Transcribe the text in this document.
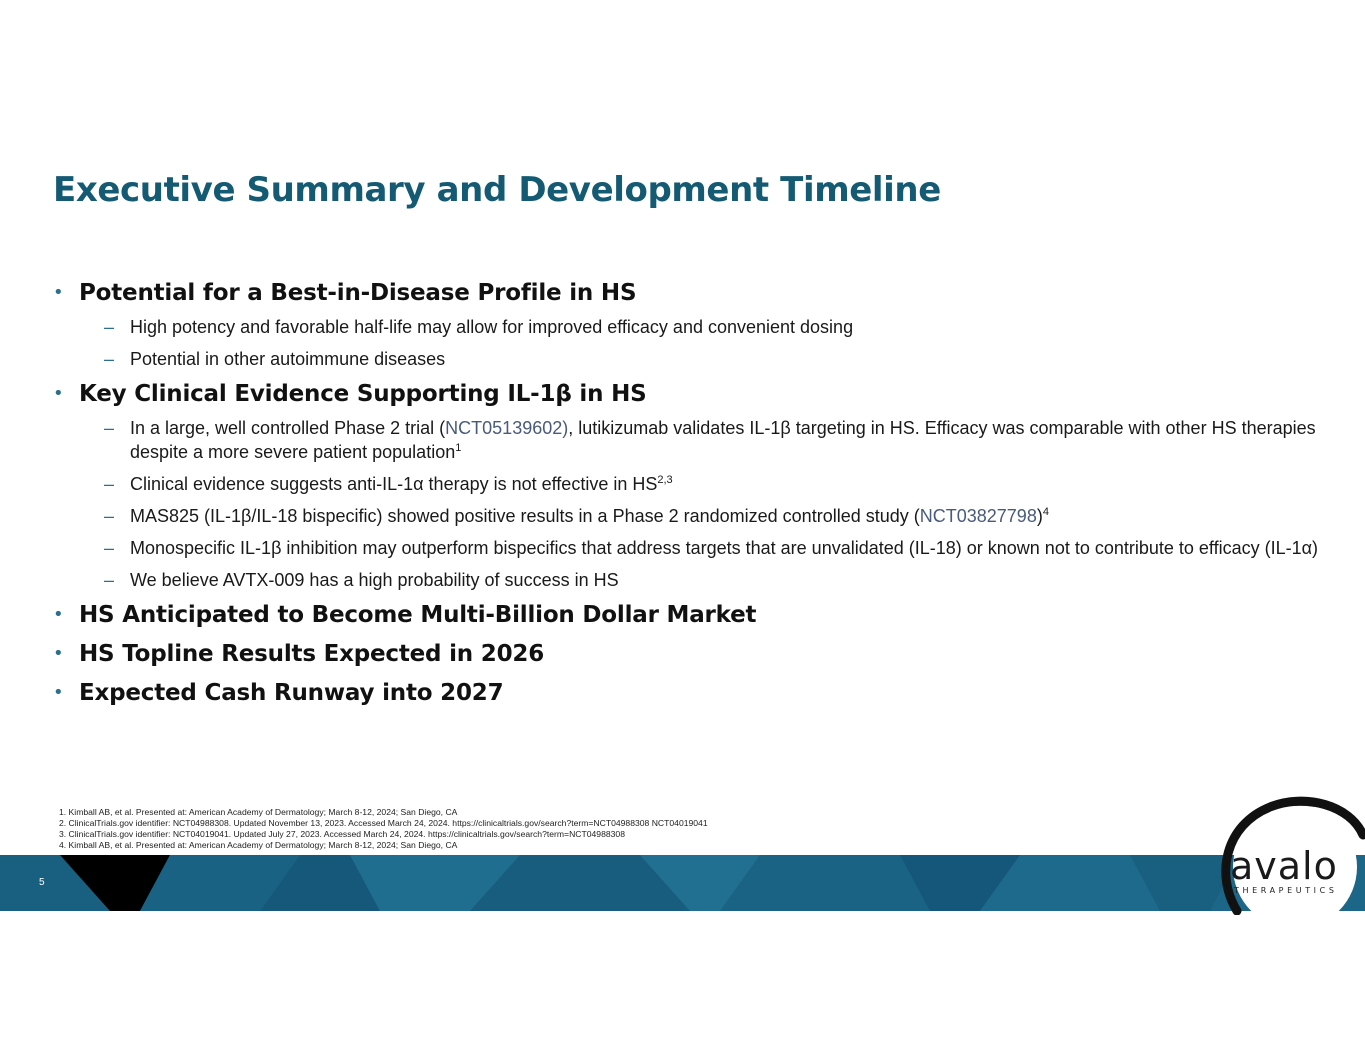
Executive Summary and Development Timeline
• Potential for a Best-in-Disease Profile in HS
– High potency and favorable half-life may allow for improved efficacy and convenient dosing
– Potential in other autoimmune diseases
• Key Clinical Evidence Supporting IL-1β in HS
– In a large, well controlled Phase 2 trial (NCT05139602), lutikizumab validates IL-1β targeting in HS. Efficacy was comparable with other HS therapies despite a more severe patient population$^1$
– Clinical evidence suggests anti-IL-1α therapy is not effective in HS$^{2,3}$
– MAS825 (IL-1β/IL-18 bispecific) showed positive results in a Phase 2 randomized controlled study $(NCT03827798)^4$
– Monospecific IL-1β inhibition may outperform bispecifics that address targets that are unvalidated (IL-18) or known not to contribute to efficacy (IL-1α)
– We believe AVTX-009 has a high probability of success in HS
• HS Anticipated to Become Multi-Billion Dollar Market
• HS Topline Results Expected in 2026
• Expected Cash Runway into 2027
1. Kimball AB, et al. Presented at: American Academy of Dermatology; March 8-12, 2024; San Diego, CA
2. ClinicalTrials.gov identifier: NCT04988308. Updated November 13, 2023. Accessed March 24, 2024. https://clinicaltrials.gov/search?term=NCT04988308 NCT04019041
3. ClinicalTrials.gov identifier: NCT04019041. Updated July 27, 2023. Accessed March 24, 2024. https://clinicaltrials.gov/search?term=NCT04988308
4. Kimball AB, et al. Presented at: American Academy of Dermatology; March 8-12, 2024; San Diego, CA
5	avalo
THERAPEUTICS
